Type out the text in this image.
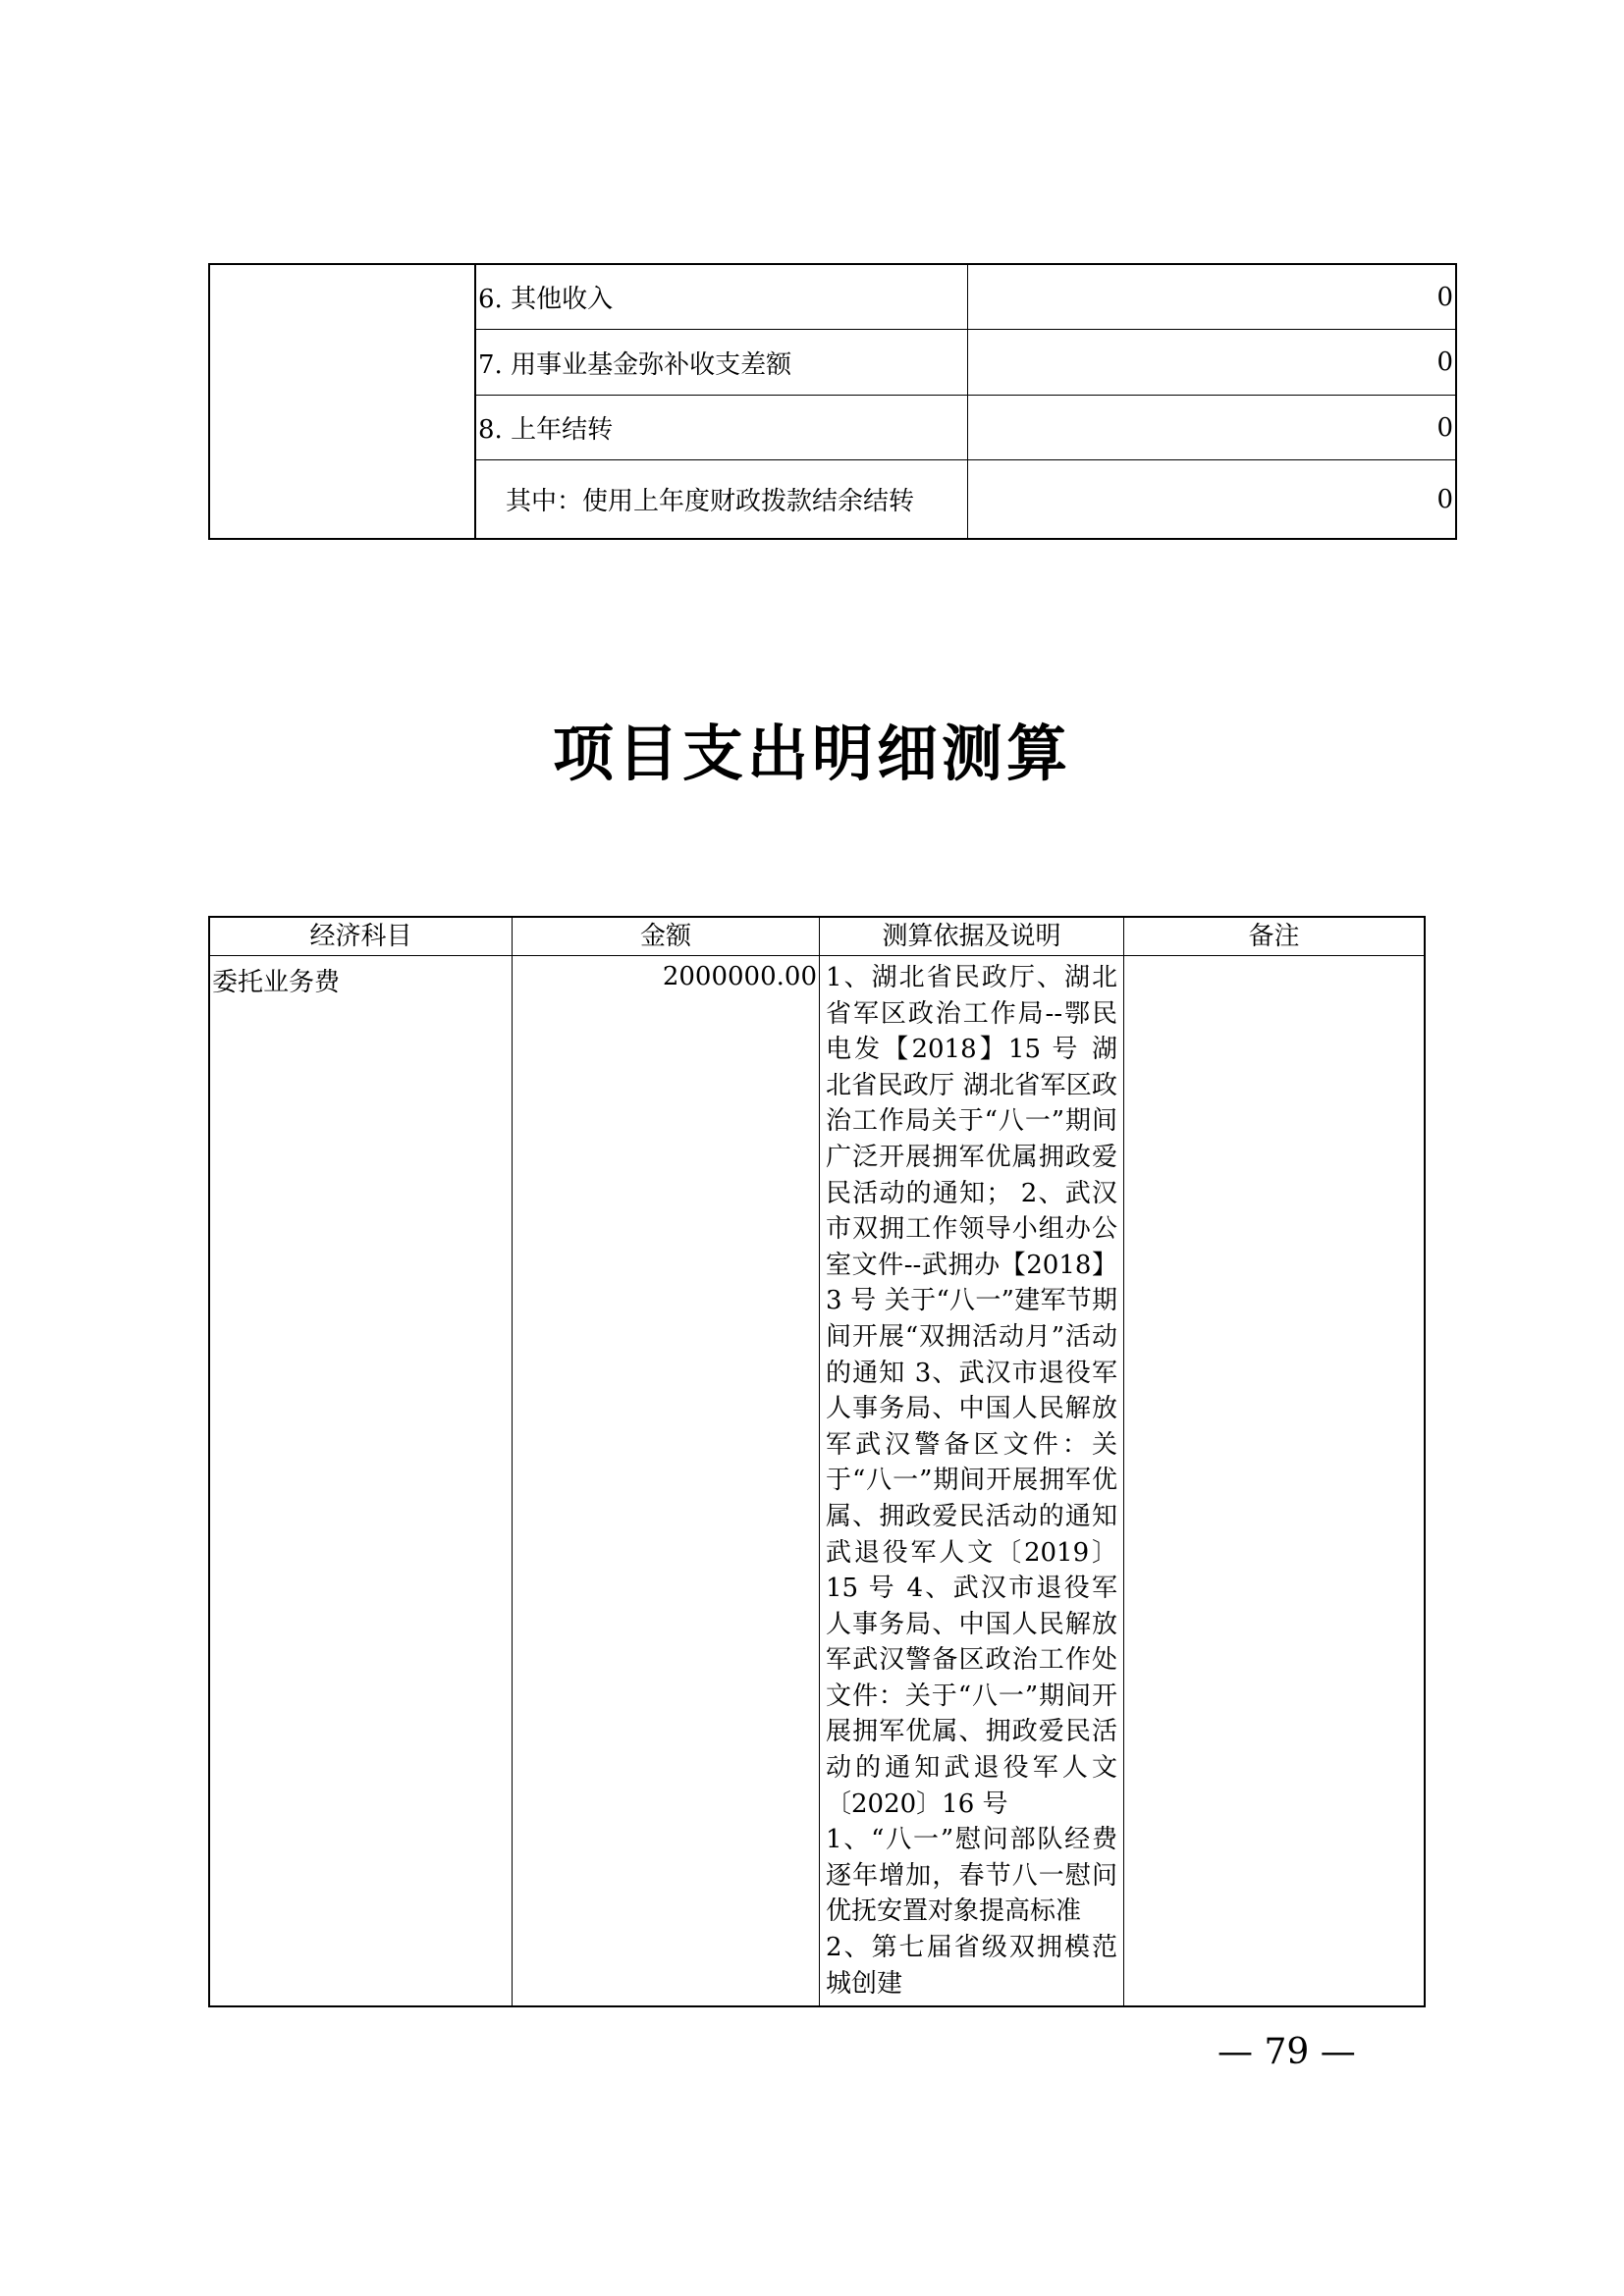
6. 其他收入	0
7. 用事业基金弥补收支差额	0
8. 上年结转	0
其中：使用上年度财政拨款结余结转	0
项目支出明细测算
经济科目	金额	测算依据及说明	备注
委托业务费	2000000.00 1、湖北省民政厅、湖北省军区政治工作局--鄂民电发【2018】15 号 湖北省民政厅 湖北省军区政治工作局关于“八一”期间广泛开展拥军优属拥政爱民活动的通知； 2、武汉市双拥工作领导小组办公室文件--武拥办【2018】3 号 关于“八一”建军节期间开展“双拥活动月”活动的通知 3、武汉市退役军人事务局、中国人民解放军武汉警备区文件：关于“八一”期间开展拥军优属、拥政爱民活动的通知武退役军人文〔2019〕15 号 4、武汉市退役军人事务局、中国人民解放军武汉警备区政治工作处文件：关于“八一”期间开展拥军优属、拥政爱民活动的通知武退役军人文〔2020〕16 号
1、“八一”慰问部队经费逐年增加，春节八一慰问优抚安置对象提高标准
2、第七届省级双拥模范城创建
— 79 —
